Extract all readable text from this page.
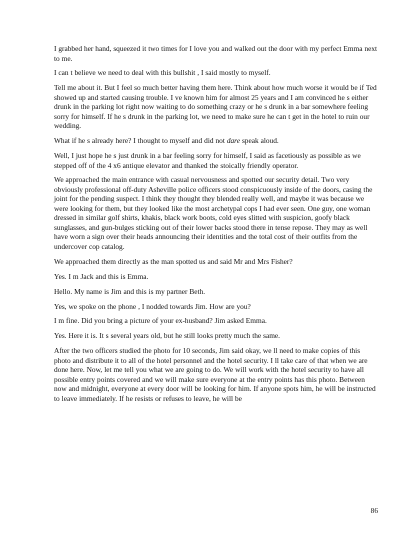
I grabbed her hand, squeezed it two times for I love you and walked out the door with my perfect Emma next to me.

I can t believe we need to deal with this bullshit , I said mostly to myself.

Tell me about it. But I feel so much better having them here. Think about how much worse it would be if Ted showed up and started causing trouble. I ve known him for almost 25 years and I am convinced he s either drunk in the parking lot right now waiting to do something crazy or he s drunk in a bar somewhere feeling sorry for himself. If he s drunk in the parking lot, we need to make sure he can t get in the hotel to ruin our wedding.

What if he s already here? I thought to myself and did not dare speak aloud.

Well, I just hope he s just drunk in a bar feeling sorry for himself, I said as facetiously as possible as we stepped off of the 4 x6 antique elevator and thanked the stoically friendly operator.

We approached the main entrance with casual nervousness and spotted our security detail. Two very obviously professional off-duty Asheville police officers stood conspicuously inside of the doors, casing the joint for the pending suspect. I think they thought they blended really well, and maybe it was because we were looking for them, but they looked like the most archetypal cops I had ever seen. One guy, one woman dressed in similar golf shirts, khakis, black work boots, cold eyes slitted with suspicion, goofy black sunglasses, and gun-bulges sticking out of their lower backs stood there in tense repose. They may as well have worn a sign over their heads announcing their identities and the total cost of their outfits from the undercover cop catalog.

We approached them directly as the man spotted us and said Mr and Mrs Fisher?

Yes. I m Jack and this is Emma.

Hello. My name is Jim and this is my partner Beth.

Yes, we spoke on the phone , I nodded towards Jim. How are you?

I m fine. Did you bring a picture of your ex-husband? Jim asked Emma.

Yes. Here it is. It s several years old, but he still looks pretty much the same.

After the two officers studied the photo for 10 seconds, Jim said okay, we ll need to make copies of this photo and distribute it to all of the hotel personnel and the hotel security. I ll take care of that when we are done here. Now, let me tell you what we are going to do. We will work with the hotel security to have all possible entry points covered and we will make sure everyone at the entry points has this photo. Between now and midnight, everyone at every door will be looking for him. If anyone spots him, he will be instructed to leave immediately. If he resists or refuses to leave, he will be

86
